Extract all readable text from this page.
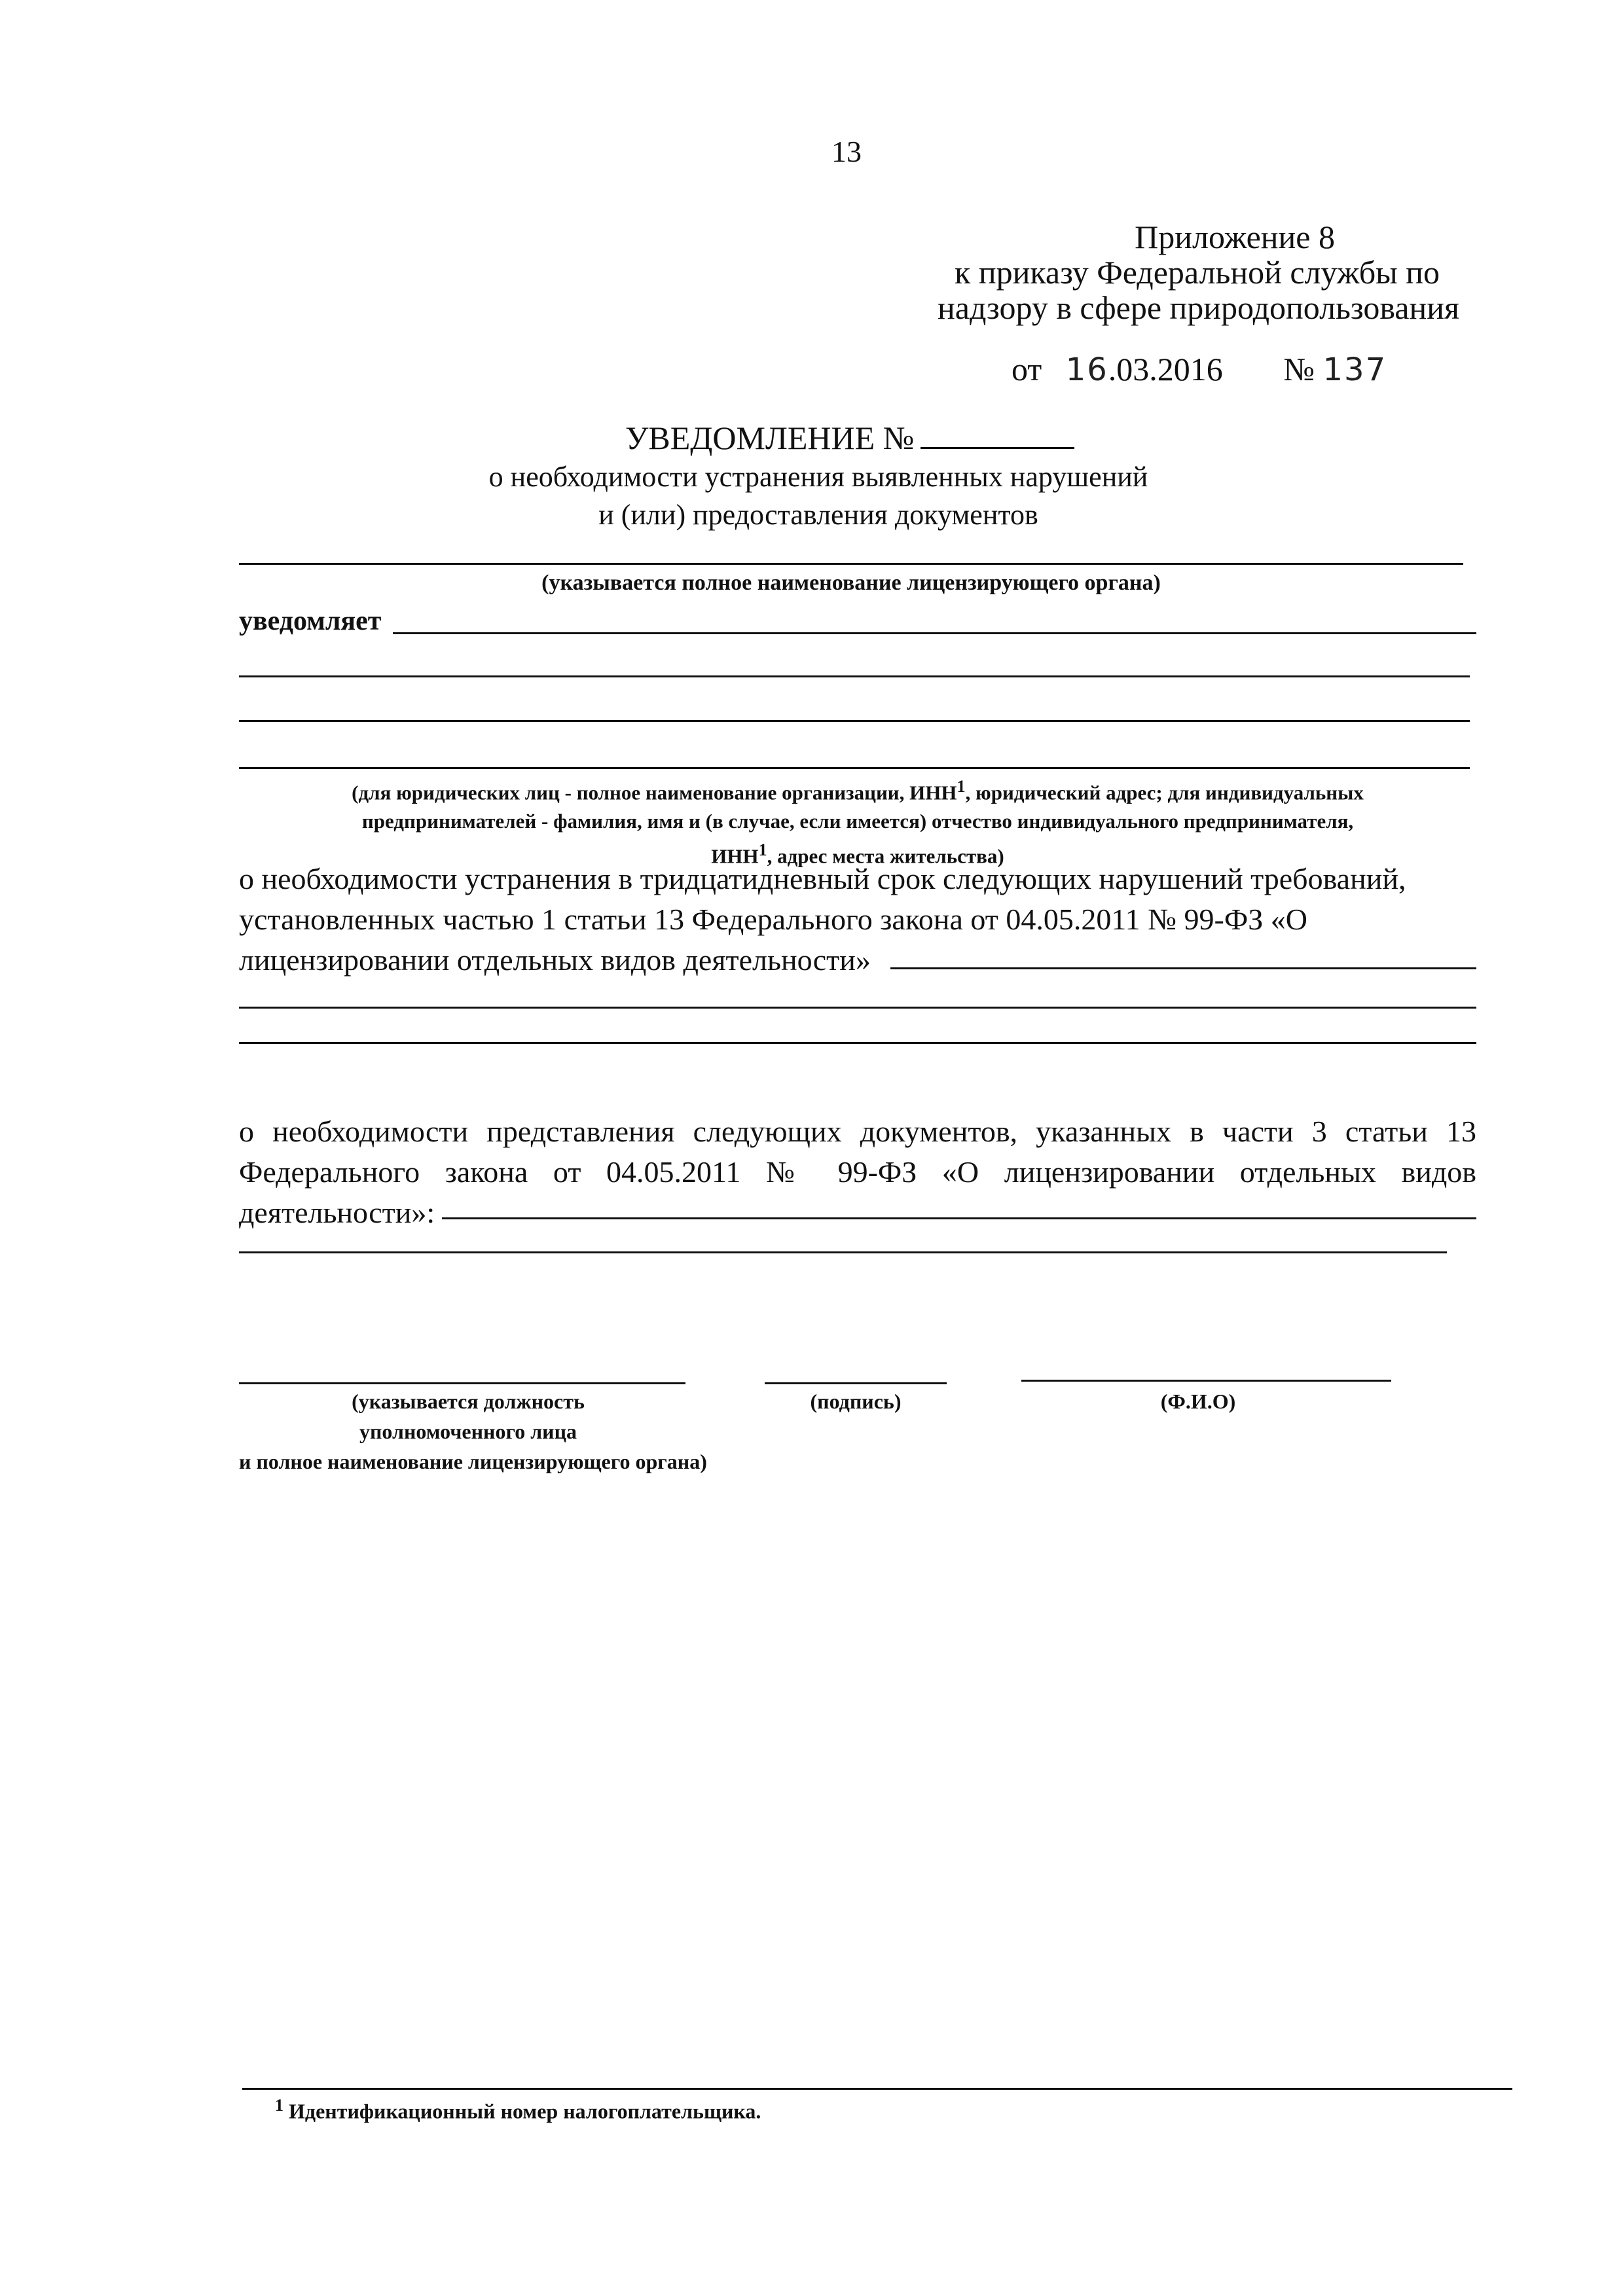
13
Приложение 8
к приказу Федеральной службы по
надзору в сфере природопользования
от 16.03.2016 № 137
УВЕДОМЛЕНИЕ №
о необходимости устранения выявленных нарушений
и (или) предоставления документов
(указывается полное наименование лицензирующего органа)
уведомляет
(для юридических лиц - полное наименование организации, ИНН$^1$, юридический адрес; для индивидуальных
предпринимателей - фамилия, имя и (в случае, если имеется) отчество индивидуального предпринимателя,
ИНН$^1$, адрес места жительства)
о необходимости устранения в тридцатидневный срок следующих нарушений требований,
установленных частью 1 статьи 13 Федерального закона от 04.05.2011 № 99-ФЗ «О
лицензировании отдельных видов деятельности»
о необходимости представления следующих документов, указанных в части 3 статьи 13
Федерального закона от 04.05.2011 № 99-ФЗ «О лицензировании отдельных видов
деятельности»:
(указывается должность
уполномоченного лица
и полное наименование лицензирующего органа)
(подпись)	(Ф.И.О)
$^1$ Идентификационный номер налогоплательщика.
